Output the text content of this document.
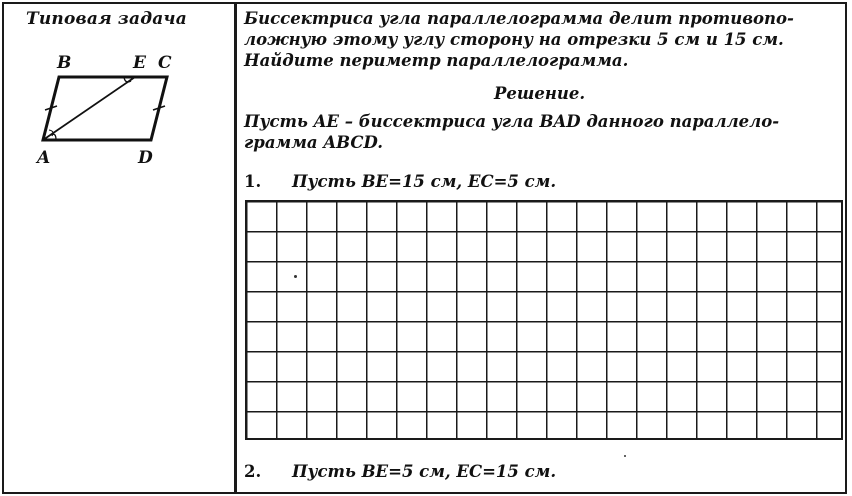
Типовая задача
B	E C
A	D
Биссектриса угла параллелограмма делит противопо-
ложную этому углу сторону на отрезки 5 см и 15 см.
Найдите периметр параллелограмма.
Решение.
Пусть AE – биссектриса угла BAD данного параллело-
грамма ABCD.
1. Пусть BE=15 см, EC=5 см.
2. Пусть BE=5 см, EC=15 см.
